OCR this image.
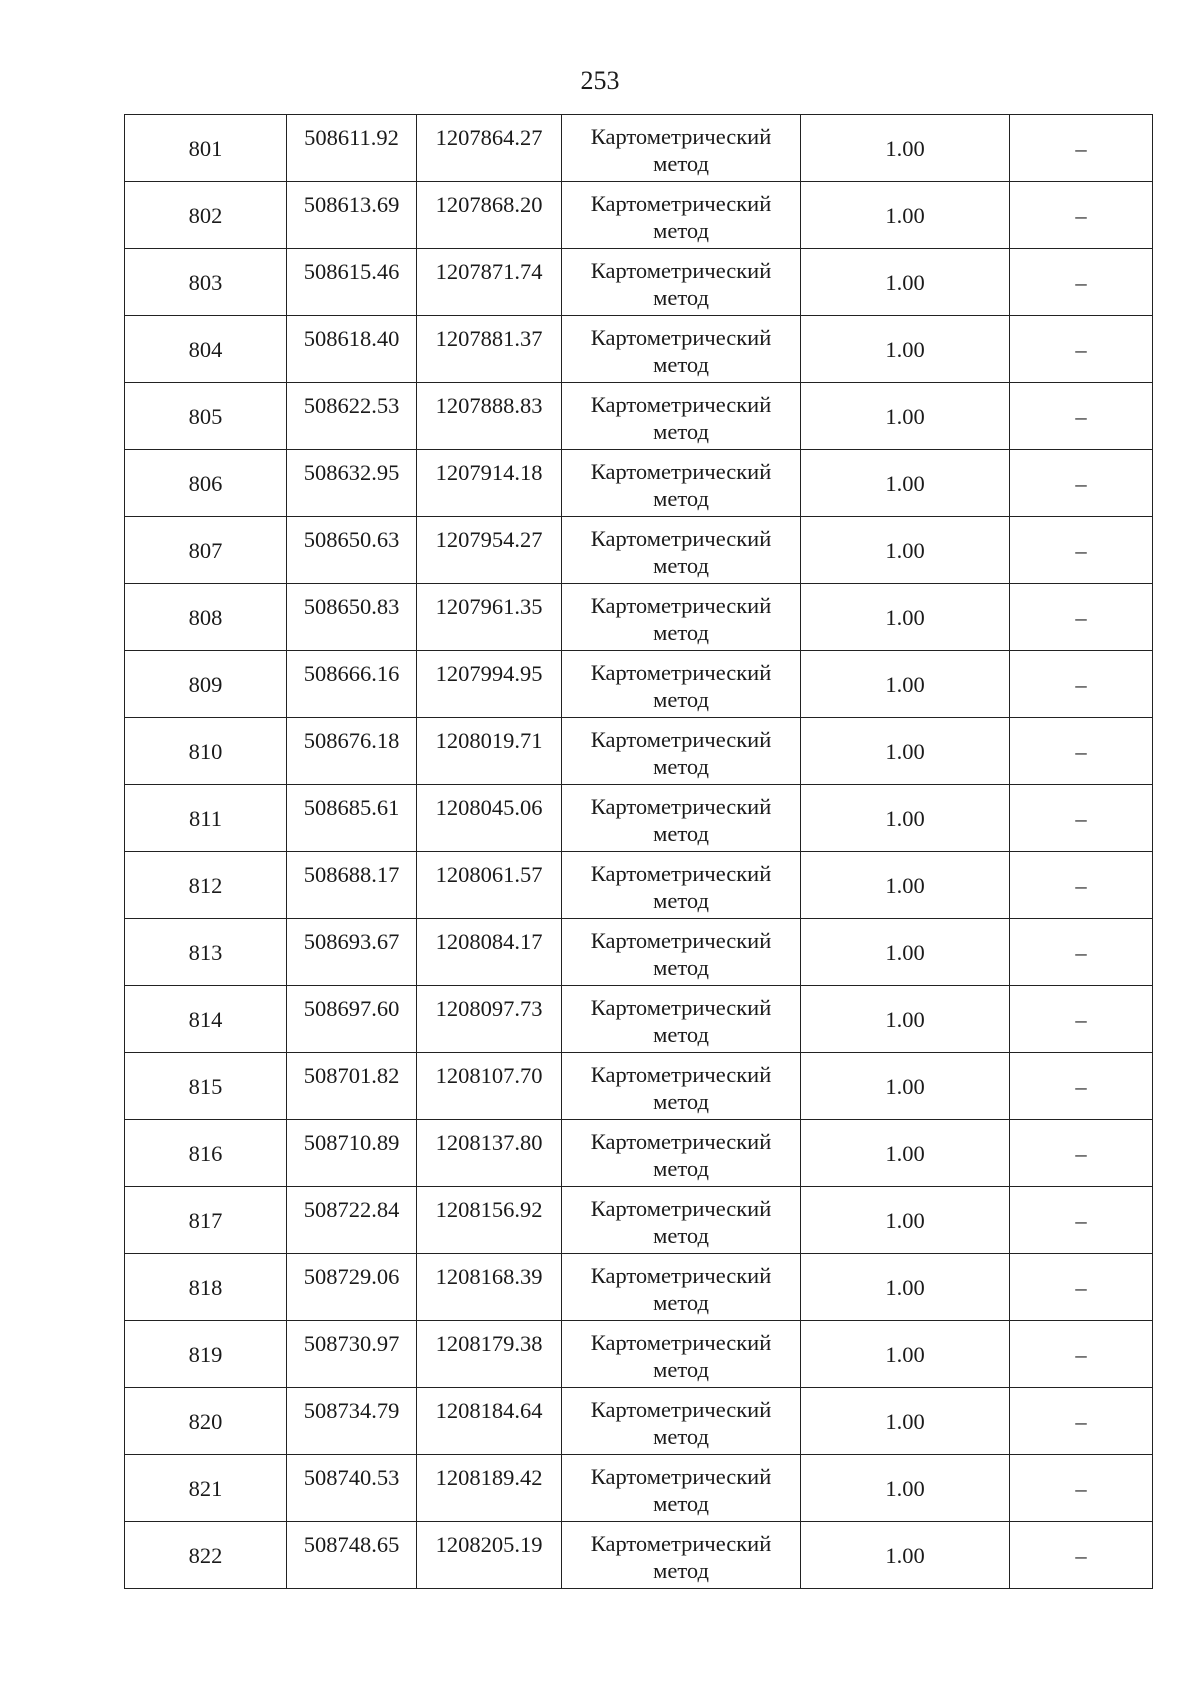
253
801	508611.92	1207864.27	Картометрический метод	1.00	–
802	508613.69	1207868.20	Картометрический метод	1.00	–
803	508615.46	1207871.74	Картометрический метод	1.00	–
804	508618.40	1207881.37	Картометрический метод	1.00	–
805	508622.53	1207888.83	Картометрический метод	1.00	–
806	508632.95	1207914.18	Картометрический метод	1.00	–
807	508650.63	1207954.27	Картометрический метод	1.00	–
808	508650.83	1207961.35	Картометрический метод	1.00	–
809	508666.16	1207994.95	Картометрический метод	1.00	–
810	508676.18	1208019.71	Картометрический метод	1.00	–
811	508685.61	1208045.06	Картометрический метод	1.00	–
812	508688.17	1208061.57	Картометрический метод	1.00	–
813	508693.67	1208084.17	Картометрический метод	1.00	–
814	508697.60	1208097.73	Картометрический метод	1.00	–
815	508701.82	1208107.70	Картометрический метод	1.00	–
816	508710.89	1208137.80	Картометрический метод	1.00	–
817	508722.84	1208156.92	Картометрический метод	1.00	–
818	508729.06	1208168.39	Картометрический метод	1.00	–
819	508730.97	1208179.38	Картометрический метод	1.00	–
820	508734.79	1208184.64	Картометрический метод	1.00	–
821	508740.53	1208189.42	Картометрический метод	1.00	–
822	508748.65	1208205.19	Картометрический метод	1.00	–
